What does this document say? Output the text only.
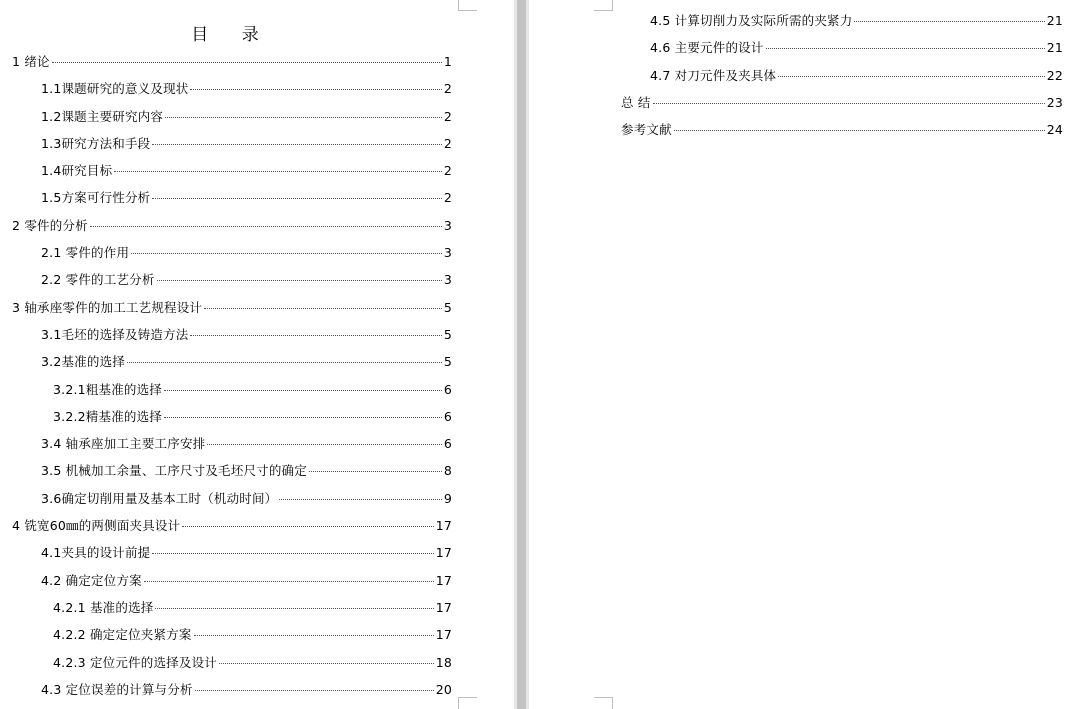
目 录
1 绪论	1
1.1课题研究的意义及现状	2
1.2课题主要研究内容	2
1.3研究方法和手段	2
1.4研究目标	2
1.5方案可行性分析	2
2 零件的分析	3
2.1 零件的作用	3
2.2 零件的工艺分析	3
3 轴承座零件的加工工艺规程设计	5
3.1毛坯的选择及铸造方法	5
3.2基准的选择	5
3.2.1粗基准的选择	6
3.2.2精基准的选择	6
3.4 轴承座加工主要工序安排	6
3.5 机械加工余量、工序尺寸及毛坯尺寸的确定	8
3.6确定切削用量及基本工时（机动时间）	9
4 铣宽60㎜的两侧面夹具设计	17
4.1夹具的设计前提	17
4.2 确定定位方案	17
4.2.1 基准的选择	17
4.2.2 确定定位夹紧方案	17
4.2.3 定位元件的选择及设计	18
4.3 定位误差的计算与分析	20
4.5 计算切削力及实际所需的夹紧力	21
4.6 主要元件的设计	21
4.7 对刀元件及夹具体	22
总 结	23
参考文献	24
